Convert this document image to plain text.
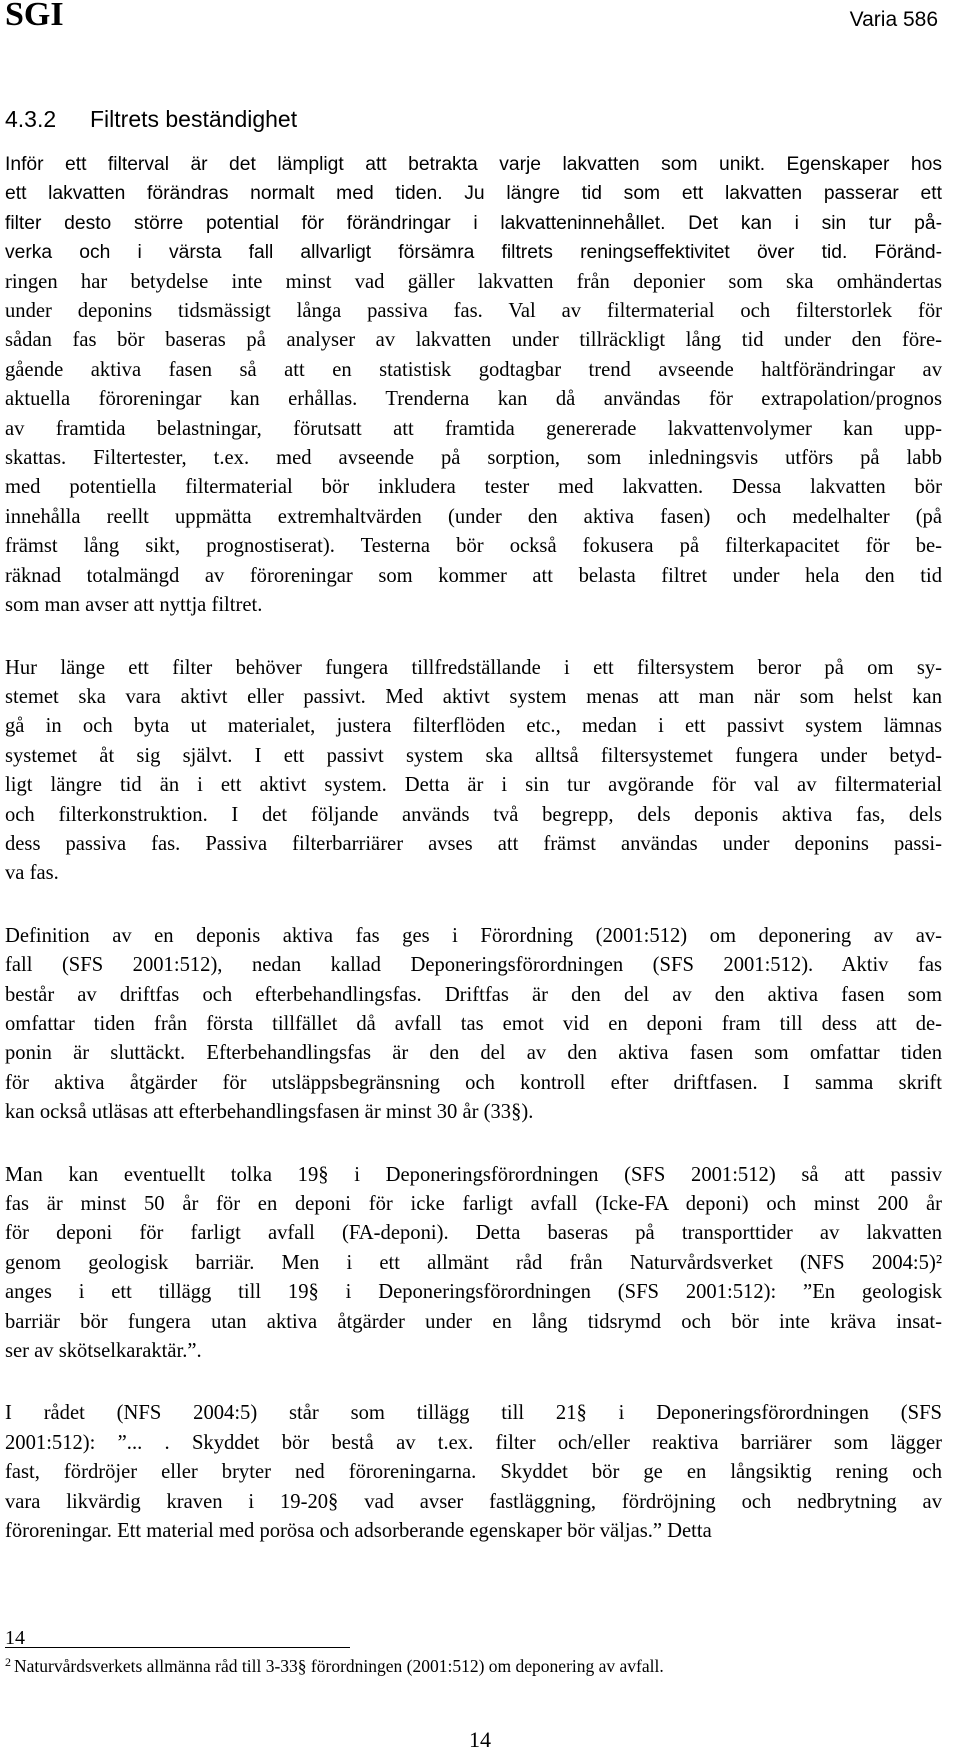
SGI	Varia 586
4.3.2 Filtrets beständighet

Inför ett filterval är det lämpligt att betrakta varje lakvatten som unikt. Egenskaper hos
ett lakvatten förändras normalt med tiden. Ju längre tid som ett lakvatten passerar ett
filter desto större potential för förändringar i lakvatteninnehållet. Det kan i sin tur på-
verka och i värsta fall allvarligt försämra filtrets reningseffektivitet över tid. Föränd-
ringen har betydelse inte minst vad gäller lakvatten från deponier som ska omhändertas
under deponins tidsmässigt långa passiva fas. Val av filtermaterial och filterstorlek för
sådan fas bör baseras på analyser av lakvatten under tillräckligt lång tid under den före-
gående aktiva fasen så att en statistisk godtagbar trend avseende haltförändringar av
aktuella föroreningar kan erhållas. Trenderna kan då användas för extrapolation/prognos
av framtida belastningar, förutsatt att framtida genererade lakvattenvolymer kan upp-
skattas. Filtertester, t.ex. med avseende på sorption, som inledningsvis utförs på labb
med potentiella filtermaterial bör inkludera tester med lakvatten. Dessa lakvatten bör
innehålla reellt uppmätta extremhaltvärden (under den aktiva fasen) och medelhalter (på
främst lång sikt, prognostiserat). Testerna bör också fokusera på filterkapacitet för be-
räknad totalmängd av föroreningar som kommer att belasta filtret under hela den tid
som man avser att nyttja filtret.

Hur länge ett filter behöver fungera tillfredställande i ett filtersystem beror på om sy-
stemet ska vara aktivt eller passivt. Med aktivt system menas att man när som helst kan
gå in och byta ut materialet, justera filterflöden etc., medan i ett passivt system lämnas
systemet åt sig självt. I ett passivt system ska alltså filtersystemet fungera under betyd-
ligt längre tid än i ett aktivt system. Detta är i sin tur avgörande för val av filtermaterial
och filterkonstruktion. I det följande används två begrepp, dels deponis aktiva fas, dels
dess passiva fas. Passiva filterbarriärer avses att främst användas under deponins passi-
va fas.

Definition av en deponis aktiva fas ges i Förordning (2001:512) om deponering av av-
fall (SFS 2001:512), nedan kallad Deponeringsförordningen (SFS 2001:512). Aktiv fas
består av driftfas och efterbehandlingsfas. Driftfas är den del av den aktiva fasen som
omfattar tiden från första tillfället då avfall tas emot vid en deponi fram till dess att de-
ponin är sluttäckt. Efterbehandlingsfas är den del av den aktiva fasen som omfattar tiden
för aktiva åtgärder för utsläppsbegränsning och kontroll efter driftfasen. I samma skrift
kan också utläsas att efterbehandlingsfasen är minst 30 år (33§).

Man kan eventuellt tolka 19§ i Deponeringsförordningen (SFS 2001:512) så att passiv
fas är minst 50 år för en deponi för icke farligt avfall (Icke-FA deponi) och minst 200 år
för deponi för farligt avfall (FA-deponi). Detta baseras på transporttider av lakvatten
genom geologisk barriär. Men i ett allmänt råd från Naturvårdsverket (NFS 2004:5)²
anges i ett tillägg till 19§ i Deponeringsförordningen (SFS 2001:512): ”En geologisk
barriär bör fungera utan aktiva åtgärder under en lång tidsrymd och bör inte kräva insat-
ser av skötselkaraktär.”.

I rådet (NFS 2004:5) står som tillägg till 21§ i Deponeringsförordningen (SFS
2001:512): ”... . Skyddet bör bestå av t.ex. filter och/eller reaktiva barriärer som lägger
fast, fördröjer eller bryter ned föroreningarna. Skyddet bör ge en långsiktig rening och
vara likvärdig kraven i 19-20§ vad avser fastläggning, fördröjning och nedbrytning av
föroreningar. Ett material med porösa och adsorberande egenskaper bör väljas.” Detta

14
$^2$ Naturvårdsverkets allmänna råd till 3-33§ förordningen (2001:512) om deponering av avfall.
14
